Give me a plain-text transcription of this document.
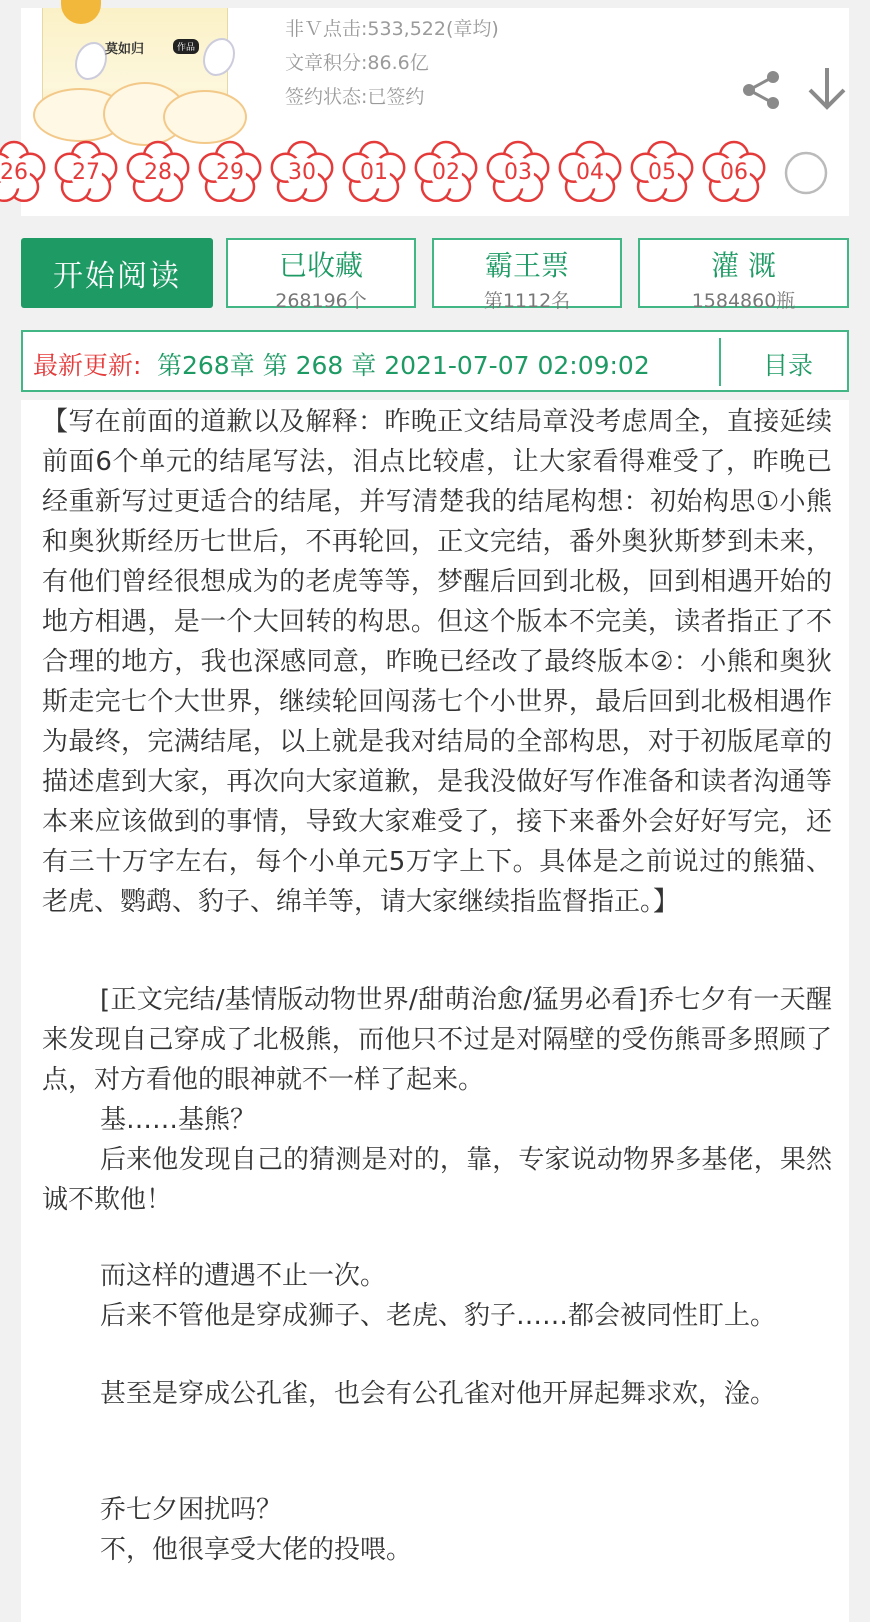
莫如归	作品
非Ｖ点击:533,522(章均)
文章积分:86.6亿
签约状态:已签约
26	27	28	29	30	01	02	03	04	05	06
开始阅读	已收藏
268196个
霸王票
第1112名
灌 溉
1584860瓶
最新更新: 第268章 第 268 章 2021-07-07 02:09:02	目录
【写在前面的道歉以及解释：昨晚正文结局章没考虑周全，直接延续前面6个单元的结尾写法，泪点比较虐，让大家看得难受了，昨晚已经重新写过更适合的结尾，并写清楚我的结尾构想：初始构思①小熊和奥狄斯经历七世后，不再轮回，正文完结，番外奥狄斯梦到未来，有他们曾经很想成为的老虎等等，梦醒后回到北极，回到相遇开始的地方相遇，是一个大回转的构思。但这个版本不完美，读者指正了不合理的地方，我也深感同意，昨晚已经改了最终版本②：小熊和奥狄斯走完七个大世界，继续轮回闯荡七个小世界，最后回到北极相遇作为最终，完满结尾，以上就是我对结局的全部构思，对于初版尾章的描述虐到大家，再次向大家道歉，是我没做好写作准备和读者沟通等本来应该做到的事情，导致大家难受了，接下来番外会好好写完，还有三十万字左右，每个小单元5万字上下。具体是之前说过的熊猫、老虎、鹦鹉、豹子、绵羊等，请大家继续指监督指正。】
[正文完结/基情版动物世界/甜萌治愈/猛男必看]乔七夕有一天醒来发现自己穿成了北极熊，而他只不过是对隔壁的受伤熊哥多照顾了点，对方看他的眼神就不一样了起来。
基……基熊？
后来他发现自己的猜测是对的，靠，专家说动物界多基佬，果然诚不欺他！
而这样的遭遇不止一次。
后来不管他是穿成狮子、老虎、豹子……都会被同性盯上。
甚至是穿成公孔雀，也会有公孔雀对他开屏起舞求欢，淦。
乔七夕困扰吗？
不，他很享受大佬的投喂。
